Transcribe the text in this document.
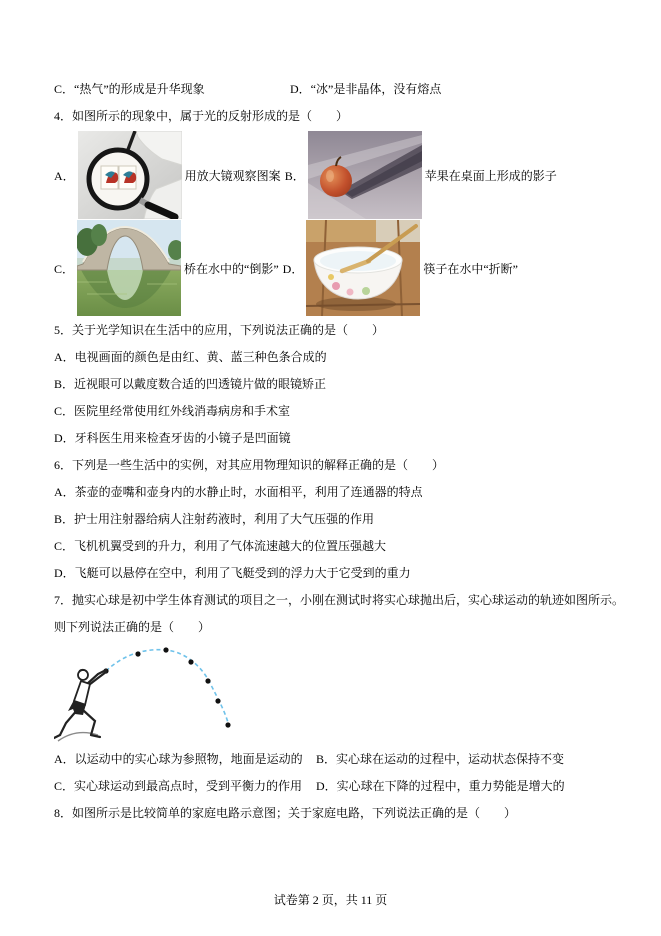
C．“热气”的形成是升华现象	D．“冰”是非晶体，没有熔点
4．如图所示的现象中，属于光的反射形成的是（　　）
A．	用放大镜观察图案 B．	苹果在桌面上形成的影子
C．	桥在水中的“倒影” D．	筷子在水中“折断”
5．关于光学知识在生活中的应用，下列说法正确的是（　　）
A．电视画面的颜色是由红、黄、蓝三种色条合成的
B．近视眼可以戴度数合适的凹透镜片做的眼镜矫正
C．医院里经常使用红外线消毒病房和手术室
D．牙科医生用来检查牙齿的小镜子是凹面镜
6．下列是一些生活中的实例，对其应用物理知识的解释正确的是（　　）
A．茶壶的壶嘴和壶身内的水静止时，水面相平，利用了连通器的特点
B．护士用注射器给病人注射药液时，利用了大气压强的作用
C．飞机机翼受到的升力，利用了气体流速越大的位置压强越大
D．飞艇可以悬停在空中，利用了飞艇受到的浮力大于它受到的重力
7．抛实心球是初中学生体育测试的项目之一，小刚在测试时将实心球抛出后，实心球运动的轨迹如图所示。
则下列说法正确的是（　　）
A．以运动中的实心球为参照物，地面是运动的	B．实心球在运动的过程中，运动状态保持不变
C．实心球运动到最高点时，受到平衡力的作用	D．实心球在下降的过程中，重力势能是增大的
8．如图所示是比较简单的家庭电路示意图；关于家庭电路，下列说法正确的是（　　）
试卷第 2 页，共 11 页
